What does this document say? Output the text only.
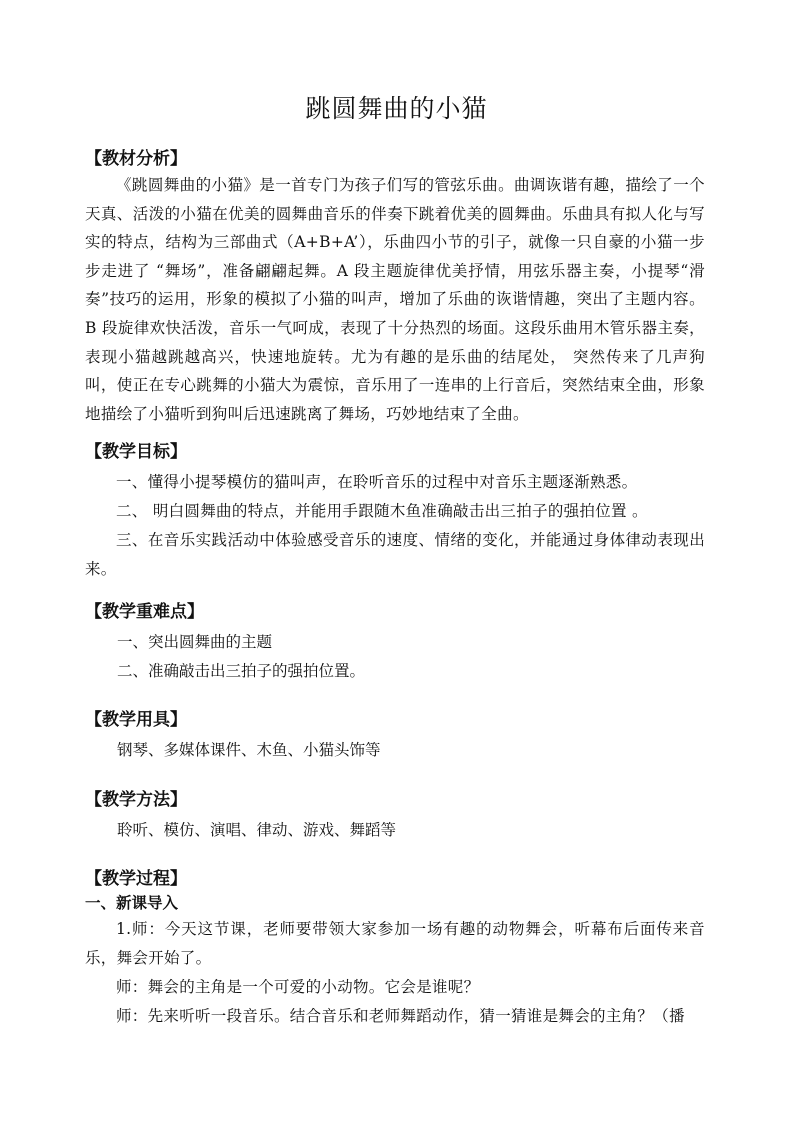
跳圆舞曲的小猫

【教材分析】

《跳圆舞曲的小猫》是一首专门为孩子们写的管弦乐曲。曲调诙谐有趣，描绘了一个天真、活泼的小猫在优美的圆舞曲音乐的伴奏下跳着优美的圆舞曲。乐曲具有拟人化与写实的特点，结构为三部曲式（A+B+A’），乐曲四小节的引子，就像一只自豪的小猫一步步走进了 “舞场”，准备翩翩起舞。A 段主题旋律优美抒情，用弦乐器主奏，小提琴“滑奏”技巧的运用，形象的模拟了小猫的叫声，增加了乐曲的诙谐情趣，突出了主题内容。B 段旋律欢快活泼，音乐一气呵成，表现了十分热烈的场面。这段乐曲用木管乐器主奏，表现小猫越跳越高兴，快速地旋转。尤为有趣的是乐曲的结尾处， 突然传来了几声狗叫，使正在专心跳舞的小猫大为震惊，音乐用了一连串的上行音后，突然结束全曲，形象地描绘了小猫听到狗叫后迅速跳离了舞场，巧妙地结束了全曲。

【教学目标】

一、懂得小提琴模仿的猫叫声，在聆听音乐的过程中对音乐主题逐渐熟悉。

二、 明白圆舞曲的特点，并能用手跟随木鱼准确敲击出三拍子的强拍位置 。

三、在音乐实践活动中体验感受音乐的速度、情绪的变化，并能通过身体律动表现出来。

【教学重难点】

一、突出圆舞曲的主题

二、准确敲击出三拍子的强拍位置。

【教学用具】

钢琴、多媒体课件、木鱼、小猫头饰等

【教学方法】

聆听、模仿、演唱、律动、游戏、舞蹈等

【教学过程】

一、新课导入

1.师：今天这节课，老师要带领大家参加一场有趣的动物舞会，听幕布后面传来音乐，舞会开始了。

师：舞会的主角是一个可爱的小动物。它会是谁呢？

师：先来听听一段音乐。结合音乐和老师舞蹈动作，猜一猜谁是舞会的主角？（播
